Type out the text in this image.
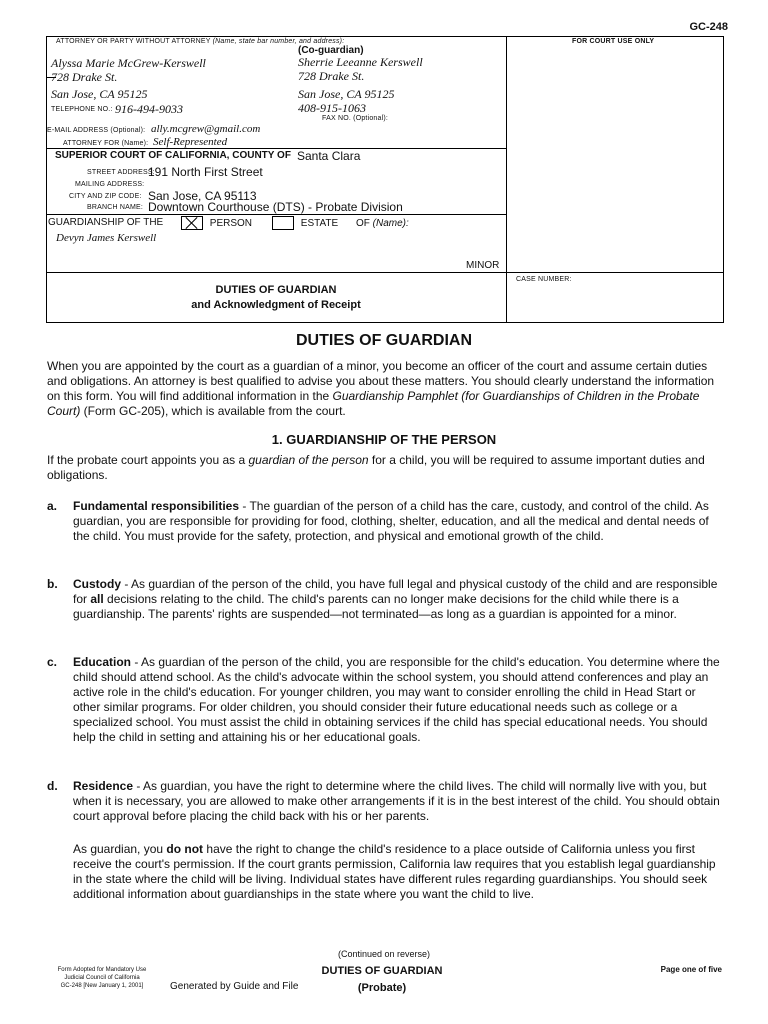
GC-248
ATTORNEY OR PARTY WITHOUT ATTORNEY (Name, state bar number, and address):	FOR COURT USE ONLY
(Co-guardian)
Alyssa Marie McGrew-Kerswell
728 Drake St.
San Jose, CA 95125
Sherrie Leeanne Kerswell
728 Drake St.
San Jose, CA 95125
408-915-1063
TELEPHONE NO.: 916-494-9033
FAX NO. (Optional):
E-MAIL ADDRESS (Optional): ally.mcgrew@gmail.com
ATTORNEY FOR (Name): Self-Represented
SUPERIOR COURT OF CALIFORNIA, COUNTY OF Santa Clara
STREET ADDRESS:
191 North First Street
MAILING ADDRESS:
CITY AND ZIP CODE: San Jose, CA 95113
BRANCH NAME: Downtown Courthouse (DTS) - Probate Division
GUARDIANSHIP OF THE	PERSON	ESTATE OF (Name):
Devyn James Kerswell
MINOR
DUTIES OF GUARDIAN
and Acknowledgment of Receipt
CASE NUMBER:
DUTIES OF GUARDIAN
When you are appointed by the court as a guardian of a minor, you become an officer of the court and assume certain duties and obligations. An attorney is best qualified to advise you about these matters. You should clearly understand the information on this form. You will find additional information in the Guardianship Pamphlet (for Guardianships of Children in the Probate Court) (Form GC-205), which is available from the court.
1. GUARDIANSHIP OF THE PERSON
If the probate court appoints you as a guardian of the person for a child, you will be required to assume important duties and obligations.
a. Fundamental responsibilities - The guardian of the person of a child has the care, custody, and control of the child. As guardian, you are responsible for providing for food, clothing, shelter, education, and all the medical and dental needs of the child. You must provide for the safety, protection, and physical and emotional growth of the child.
b. Custody - As guardian of the person of the child, you have full legal and physical custody of the child and are responsible for all decisions relating to the child. The child's parents can no longer make decisions for the child while there is a guardianship. The parents' rights are suspended—not terminated—as long as a guardian is appointed for a minor.
c. Education - As guardian of the person of the child, you are responsible for the child's education. You determine where the child should attend school. As the child's advocate within the school system, you should attend conferences and play an active role in the child's education. For younger children, you may want to consider enrolling the child in Head Start or other similar programs. For older children, you should consider their future educational needs such as college or a specialized school. You must assist the child in obtaining services if the child has special educational needs. You should help the child in setting and attaining his or her educational goals.
d. Residence - As guardian, you have the right to determine where the child lives. The child will normally live with you, but when it is necessary, you are allowed to make other arrangements if it is in the best interest of the child. You should obtain court approval before placing the child back with his or her parents.
As guardian, you do not have the right to change the child's residence to a place outside of California unless you first receive the court's permission. If the court grants permission, California law requires that you establish legal guardianship in the state where the child will be living. Individual states have different rules regarding guardianships. You should seek additional information about guardianships in the state where you want the child to live.
(Continued on reverse)
Form Adopted for Mandatory Use
Judicial Council of California
GC-248 [New January 1, 2001]	Generated by Guide and File
DUTIES OF GUARDIAN
(Probate)
Page one of five
